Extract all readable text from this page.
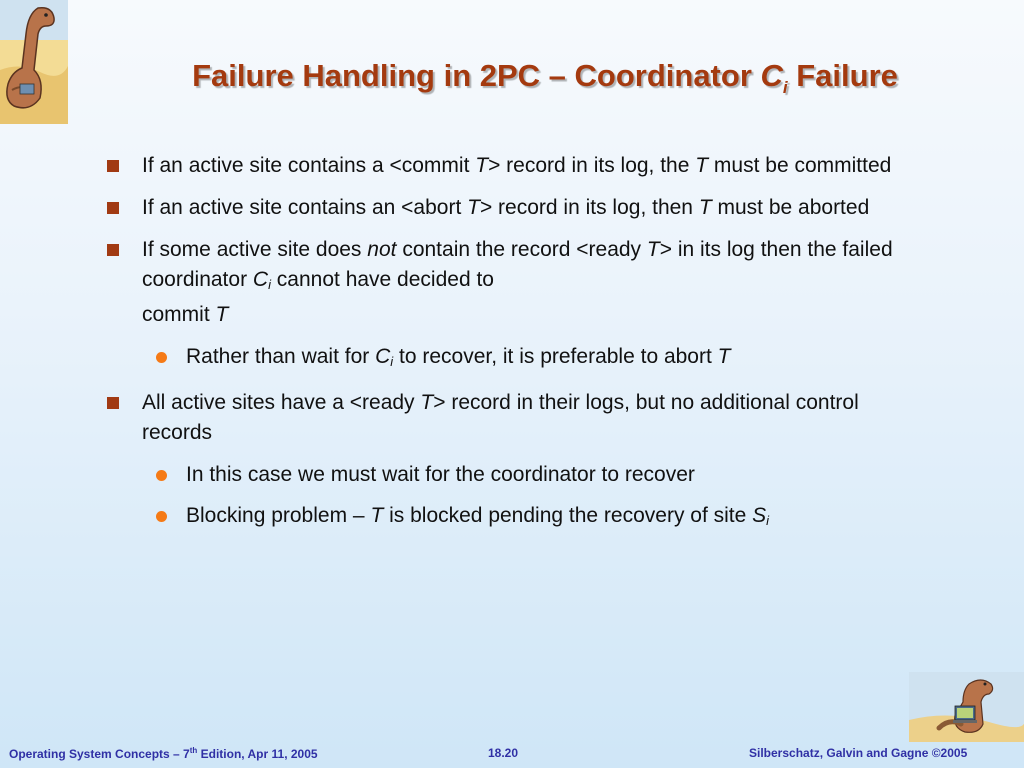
Failure Handling in 2PC – Coordinator $C_i$ Failure
If an active site contains a <commit T> record in its log, the T must be committed
If an active site contains an <abort T> record in its log, then T must be aborted
If some active site does not contain the record <ready T> in its log then the failed coordinator $C_i$ cannot have decided to
commit T
Rather than wait for $C_i$ to recover, it is preferable to abort T
All active sites have a <ready T> record in their logs, but no additional control records
In this case we must wait for the coordinator to recover
Blocking problem – T is blocked pending the recovery of site $S_i$
Operating System Concepts – 7th Edition, Apr 11, 2005	18.20	Silberschatz, Galvin and Gagne ©2005
